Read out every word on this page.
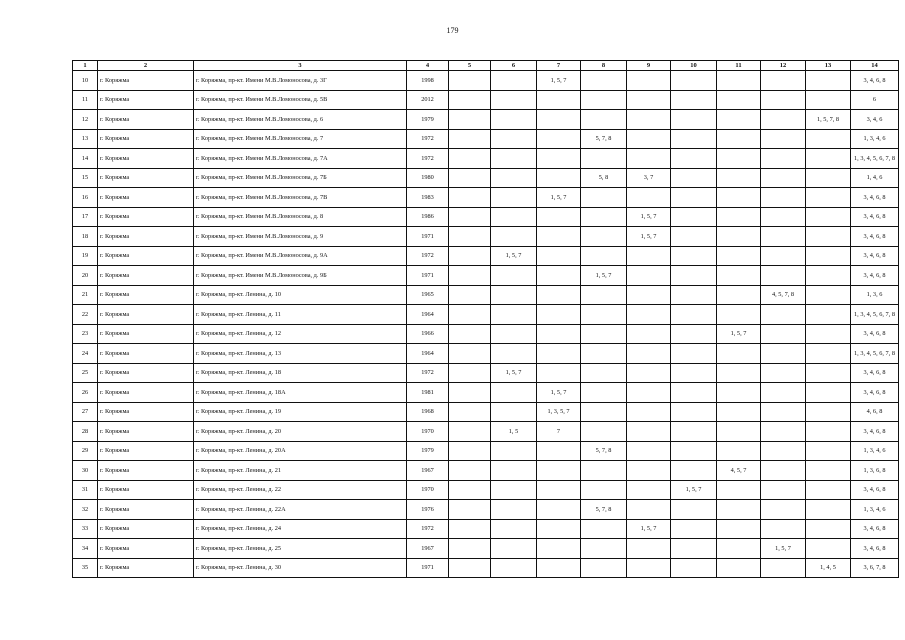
179
1	2	3	4	5	6	7	8	9	10	11	12	13	14
10	г. Коряжма	г. Коряжма, пр-кт. Имени М.В.Ломоносова, д. 3Г	1998			1, 5, 7							3, 4, 6, 8
11	г. Коряжма	г. Коряжма, пр-кт. Имени М.В.Ломоносова, д. 5В	2012										6
12	г. Коряжма	г. Коряжма, пр-кт. Имени М.В.Ломоносова, д. 6	1979									1, 5, 7, 8	3, 4, 6
13	г. Коряжма	г. Коряжма, пр-кт. Имени М.В.Ломоносова, д. 7	1972				5, 7, 8						1, 3, 4, 6
14	г. Коряжма	г. Коряжма, пр-кт. Имени М.В.Ломоносова, д. 7А	1972										1, 3, 4, 5, 6, 7, 8
15	г. Коряжма	г. Коряжма, пр-кт. Имени М.В.Ломоносова, д. 7Б	1980				5, 8	3, 7					1, 4, 6
16	г. Коряжма	г. Коряжма, пр-кт. Имени М.В.Ломоносова, д. 7В	1983			1, 5, 7							3, 4, 6, 8
17	г. Коряжма	г. Коряжма, пр-кт. Имени М.В.Ломоносова, д. 8	1986					1, 5, 7					3, 4, 6, 8
18	г. Коряжма	г. Коряжма, пр-кт. Имени М.В.Ломоносова, д. 9	1971					1, 5, 7					3, 4, 6, 8
19	г. Коряжма	г. Коряжма, пр-кт. Имени М.В.Ломоносова, д. 9А	1972		1, 5, 7								3, 4, 6, 8
20	г. Коряжма	г. Коряжма, пр-кт. Имени М.В.Ломоносова, д. 9Б	1971				1, 5, 7						3, 4, 6, 8
21	г. Коряжма	г. Коряжма, пр-кт. Ленина, д. 10	1965								4, 5, 7, 8		1, 3, 6
22	г. Коряжма	г. Коряжма, пр-кт. Ленина, д. 11	1964										1, 3, 4, 5, 6, 7, 8
23	г. Коряжма	г. Коряжма, пр-кт. Ленина, д. 12	1966							1, 5, 7			3, 4, 6, 8
24	г. Коряжма	г. Коряжма, пр-кт. Ленина, д. 13	1964										1, 3, 4, 5, 6, 7, 8
25	г. Коряжма	г. Коряжма, пр-кт. Ленина, д. 18	1972		1, 5, 7								3, 4, 6, 8
26	г. Коряжма	г. Коряжма, пр-кт. Ленина, д. 18А	1981			1, 5, 7							3, 4, 6, 8
27	г. Коряжма	г. Коряжма, пр-кт. Ленина, д. 19	1968			1, 3, 5, 7							4, 6, 8
28	г. Коряжма	г. Коряжма, пр-кт. Ленина, д. 20	1970		1, 5	7							3, 4, 6, 8
29	г. Коряжма	г. Коряжма, пр-кт. Ленина, д. 20А	1979				5, 7, 8						1, 3, 4, 6
30	г. Коряжма	г. Коряжма, пр-кт. Ленина, д. 21	1967							4, 5, 7			1, 3, 6, 8
31	г. Коряжма	г. Коряжма, пр-кт. Ленина, д. 22	1970						1, 5, 7				3, 4, 6, 8
32	г. Коряжма	г. Коряжма, пр-кт. Ленина, д. 22А	1976				5, 7, 8						1, 3, 4, 6
33	г. Коряжма	г. Коряжма, пр-кт. Ленина, д. 24	1972					1, 5, 7					3, 4, 6, 8
34	г. Коряжма	г. Коряжма, пр-кт. Ленина, д. 25	1967								1, 5, 7		3, 4, 6, 8
35	г. Коряжма	г. Коряжма, пр-кт. Ленина, д. 30	1971									1, 4, 5	3, 6, 7, 8
